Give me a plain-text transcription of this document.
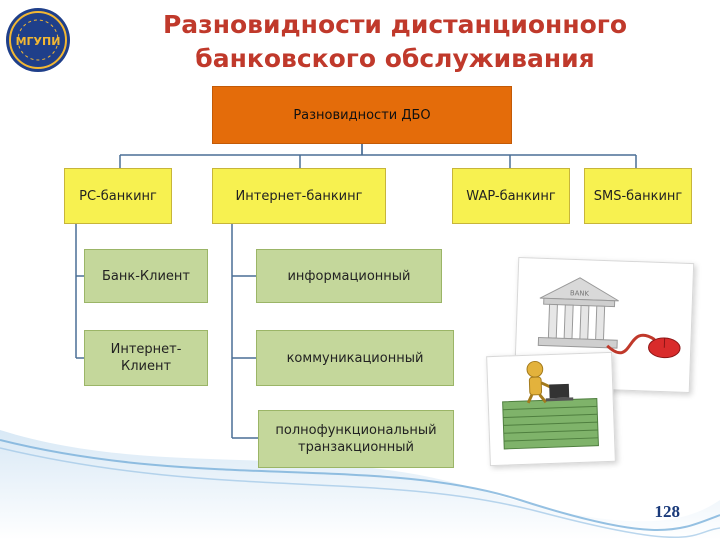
МГУПИ
Разновидности дистанционного банковского обслуживания
Разновидности ДБО
PC-банкинг	Интернет-банкинг	WAP-банкинг	SMS-банкинг
Банк-Клиент
Интернет-
Клиент
информационный
коммуникационный
полнофункциональный
транзакционный
BANK
128
